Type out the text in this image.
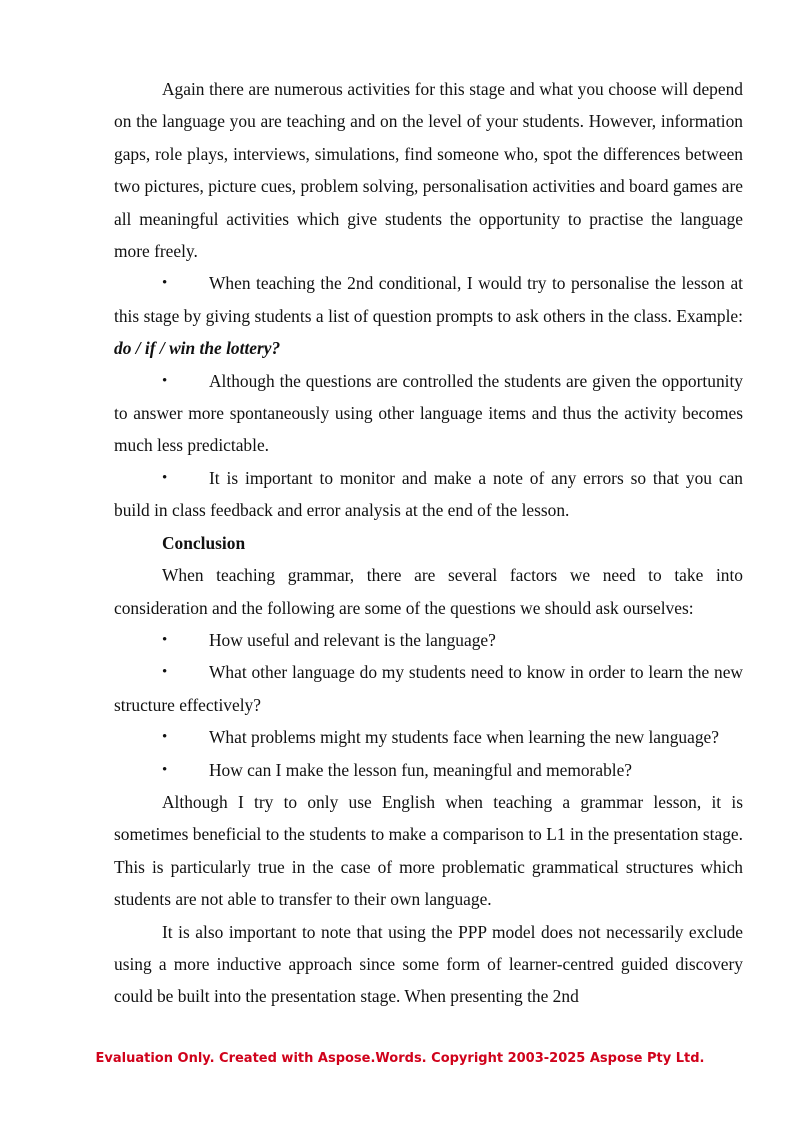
Again there are numerous activities for this stage and what you choose will depend on the language you are teaching and on the level of your students. However, information gaps, role plays, interviews, simulations, find someone who, spot the differences between two pictures, picture cues, problem solving, personalisation activities and board games are all meaningful activities which give students the opportunity to practise the language more freely.

• When teaching the 2nd conditional, I would try to personalise the lesson at this stage by giving students a list of question prompts to ask others in the class. Example: do / if / win the lottery?

• Although the questions are controlled the students are given the opportunity to answer more spontaneously using other language items and thus the activity becomes much less predictable.

• It is important to monitor and make a note of any errors so that you can build in class feedback and error analysis at the end of the lesson.

Conclusion

When teaching grammar, there are several factors we need to take into consideration and the following are some of the questions we should ask ourselves:

• How useful and relevant is the language?

• What other language do my students need to know in order to learn the new structure effectively?

• What problems might my students face when learning the new language?

• How can I make the lesson fun, meaningful and memorable?

Although I try to only use English when teaching a grammar lesson, it is sometimes beneficial to the students to make a comparison to L1 in the presentation stage. This is particularly true in the case of more problematic grammatical structures which students are not able to transfer to their own language.

It is also important to note that using the PPP model does not necessarily exclude using a more inductive approach since some form of learner-centred guided discovery could be built into the presentation stage. When presenting the 2nd

Evaluation Only. Created with Aspose.Words. Copyright 2003-2025 Aspose Pty Ltd.
